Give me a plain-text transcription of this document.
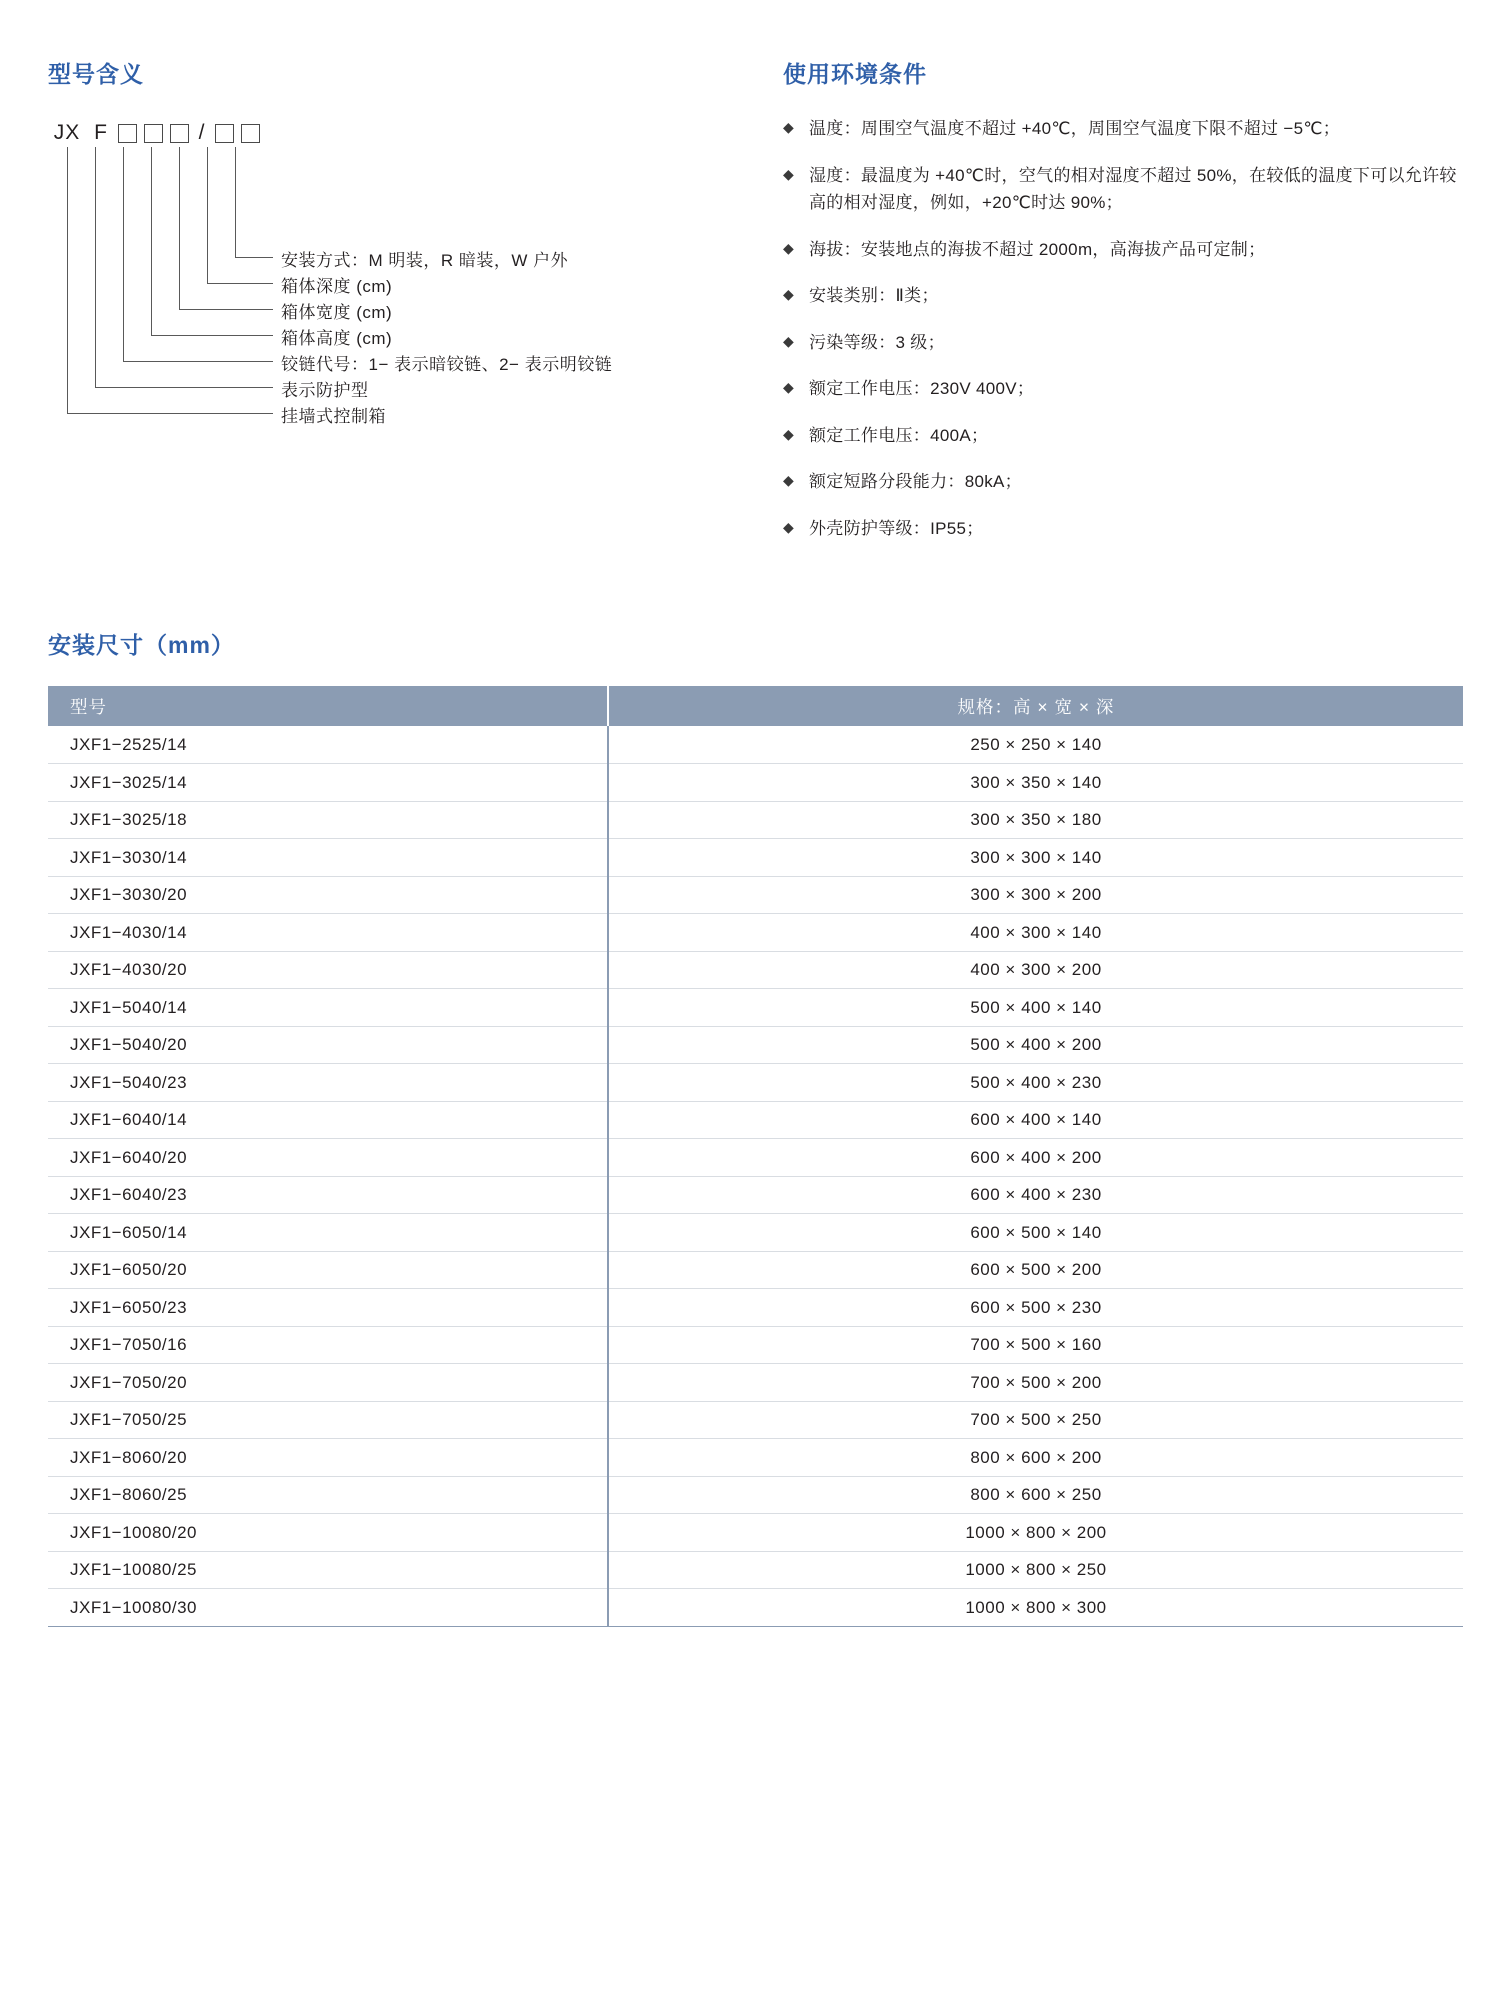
型号含义
JX F	/
安装方式：M 明装，R 暗装，W 户外
箱体深度 (cm)
箱体宽度 (cm)
箱体高度 (cm)
铰链代号：1− 表示暗铰链、2− 表示明铰链
表示防护型
挂墙式控制箱
使用环境条件
◆ 温度：周围空气温度不超过 +40℃，周围空气温度下限不超过 −5℃；
◆ 湿度：最温度为 +40℃时，空气的相对湿度不超过 50%，在较低的温度下可以允许较高的相对湿度，例如，+20℃时达 90%；
◆ 海拔：安装地点的海拔不超过 2000m，高海拔产品可定制；
◆ 安装类别：Ⅱ类；
◆ 污染等级：3 级；
◆ 额定工作电压：230V 400V；
◆ 额定工作电压：400A；
◆ 额定短路分段能力：80kA；
◆ 外壳防护等级：IP55；
安装尺寸（mm）
型号	规格：高 × 宽 × 深
JXF1−2525/14	250 × 250 × 140
JXF1−3025/14	300 × 350 × 140
JXF1−3025/18	300 × 350 × 180
JXF1−3030/14	300 × 300 × 140
JXF1−3030/20	300 × 300 × 200
JXF1−4030/14	400 × 300 × 140
JXF1−4030/20	400 × 300 × 200
JXF1−5040/14	500 × 400 × 140
JXF1−5040/20	500 × 400 × 200
JXF1−5040/23	500 × 400 × 230
JXF1−6040/14	600 × 400 × 140
JXF1−6040/20	600 × 400 × 200
JXF1−6040/23	600 × 400 × 230
JXF1−6050/14	600 × 500 × 140
JXF1−6050/20	600 × 500 × 200
JXF1−6050/23	600 × 500 × 230
JXF1−7050/16	700 × 500 × 160
JXF1−7050/20	700 × 500 × 200
JXF1−7050/25	700 × 500 × 250
JXF1−8060/20	800 × 600 × 200
JXF1−8060/25	800 × 600 × 250
JXF1−10080/20	1000 × 800 × 200
JXF1−10080/25	1000 × 800 × 250
JXF1−10080/30	1000 × 800 × 300
